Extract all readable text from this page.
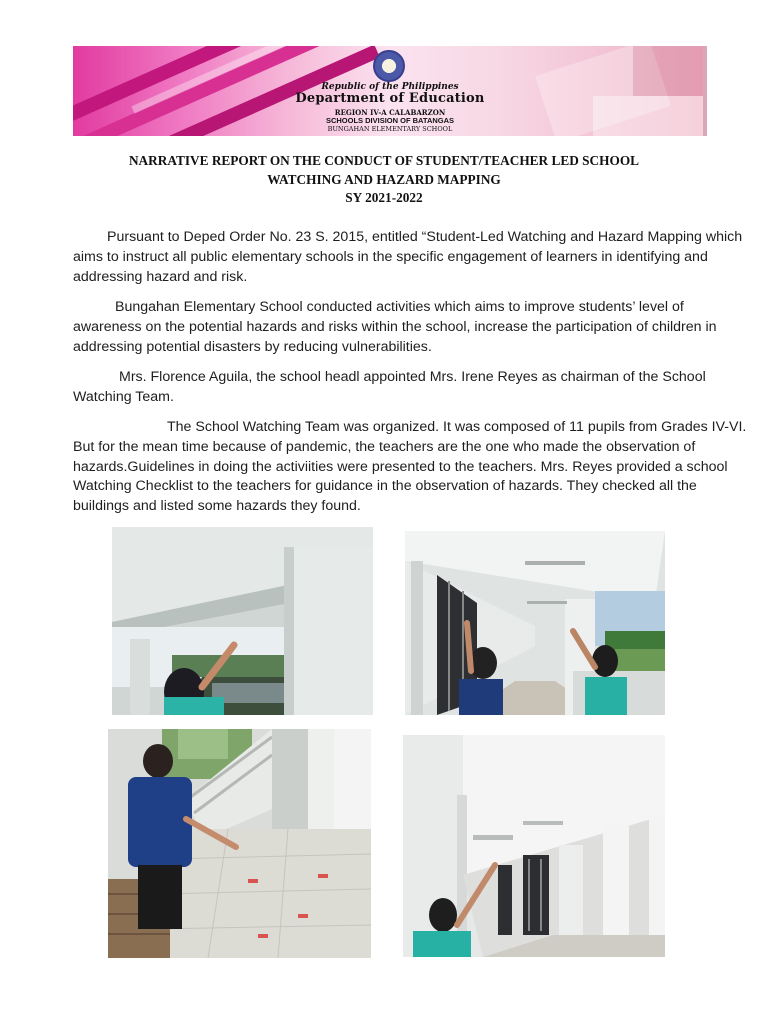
Republic of the Philippines
Department of Education
REGION IV-A CALABARZON
SCHOOLS DIVISION OF BATANGAS
BUNGAHAN ELEMENTARY SCHOOL
NARRATIVE REPORT ON THE CONDUCT OF STUDENT/TEACHER LED SCHOOL
WATCHING AND HAZARD MAPPING
SY 2021-2022

Pursuant to Deped Order No. 23 S. 2015, entitled “Student-Led Watching and Hazard Mapping which aims to instruct all public elementary schools in the specific engagement of learners in identifying and addressing hazard and risk.

Bungahan Elementary School conducted activities which aims to improve students’ level of awareness on the potential hazards and risks within the school, increase the participation of children in addressing potential disasters by reducing vulnerabilities.

Mrs. Florence Aguila, the school headl appointed Mrs. Irene Reyes as chairman of the School Watching Team.

The School Watching Team was organized. It was composed of 11 pupils from Grades IV-VI. But for the mean time because of pandemic, the teachers are the one who made the observation of hazards.Guidelines in doing the activiities were presented to the teachers. Mrs. Reyes provided a school Watching Checklist to the teachers for guidance in the observation of hazards. They checked all the buildings and listed some hazards they found.
